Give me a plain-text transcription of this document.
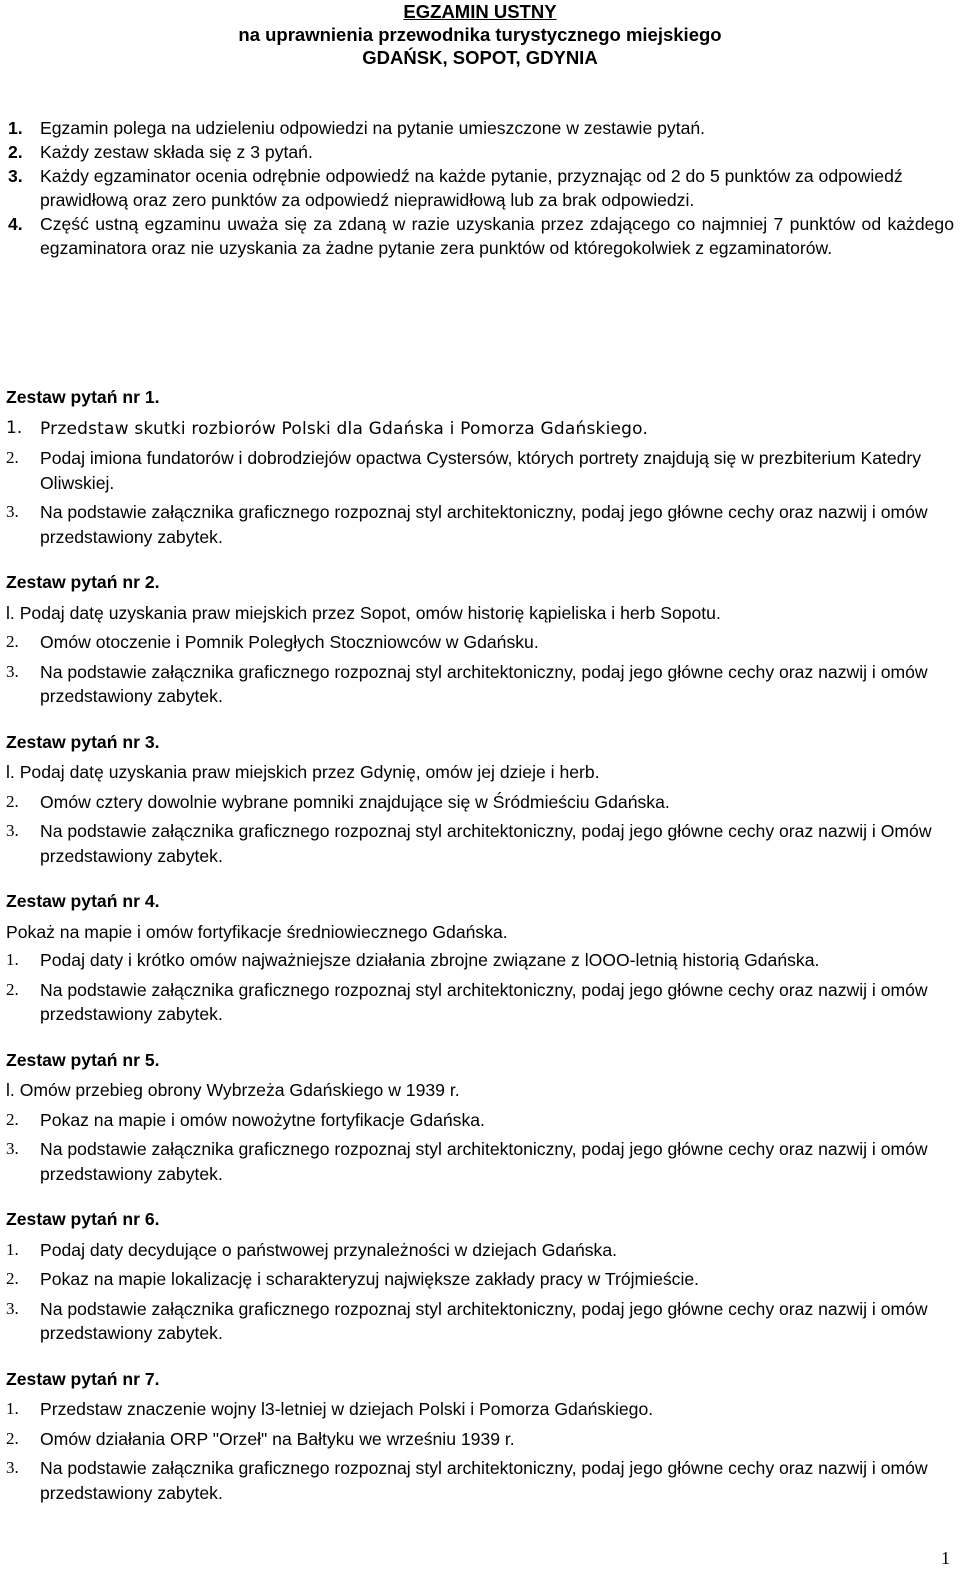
EGZAMIN USTNY
na uprawnienia przewodnika turystycznego miejskiego
GDAŃSK, SOPOT, GDYNIA
1. Egzamin polega na udzieleniu odpowiedzi na pytanie umieszczone w zestawie pytań.
2. Każdy zestaw składa się z 3 pytań.
3. Każdy egzaminator ocenia odrębnie odpowiedź na każde pytanie, przyznając od 2 do 5 punktów za odpowiedź prawidłową oraz zero punktów za odpowiedź nieprawidłową lub za brak odpowiedzi.
4. Część ustną egzaminu uważa się za zdaną w razie uzyskania przez zdającego co najmniej 7 punktów od każdego egzaminatora oraz nie uzyskania za żadne pytanie zera punktów od któregokolwiek z egzaminatorów.
Zestaw pytań nr 1.
1. Przedstaw skutki rozbiorów Polski dla Gdańska i Pomorza Gdańskiego.
2. Podaj imiona fundatorów i dobrodziejów opactwa Cystersów, których portrety znajdują się w prezbiterium Katedry Oliwskiej.
3. Na podstawie załącznika graficznego rozpoznaj styl architektoniczny, podaj jego główne cechy oraz nazwij i omów przedstawiony zabytek.
Zestaw pytań nr 2.
l. Podaj datę uzyskania praw miejskich przez Sopot, omów historię kąpieliska i herb Sopotu.
2. Omów otoczenie i Pomnik Poległych Stoczniowców w Gdańsku.
3. Na podstawie załącznika graficznego rozpoznaj styl architektoniczny, podaj jego główne cechy oraz nazwij i omów przedstawiony zabytek.
Zestaw pytań nr 3.
l. Podaj datę uzyskania praw miejskich przez Gdynię, omów jej dzieje i herb.
2. Omów cztery dowolnie wybrane pomniki znajdujące się w Śródmieściu Gdańska.
3. Na podstawie załącznika graficznego rozpoznaj styl architektoniczny, podaj jego główne cechy oraz nazwij i Omów przedstawiony zabytek.
Zestaw pytań nr 4.
Pokaż na mapie i omów fortyfikacje średniowiecznego Gdańska.
1. Podaj daty i krótko omów najważniejsze działania zbrojne związane z lOOO-letnią historią Gdańska.
2. Na podstawie załącznika graficznego rozpoznaj styl architektoniczny, podaj jego główne cechy oraz nazwij i omów przedstawiony zabytek.
Zestaw pytań nr 5.
l. Omów przebieg obrony Wybrzeża Gdańskiego w 1939 r.
2. Pokaz na mapie i omów nowożytne fortyfikacje Gdańska.
3. Na podstawie załącznika graficznego rozpoznaj styl architektoniczny, podaj jego główne cechy oraz nazwij i omów przedstawiony zabytek.
Zestaw pytań nr 6.
1. Podaj daty decydujące o państwowej przynależności w dziejach Gdańska.
2. Pokaz na mapie lokalizację i scharakteryzuj największe zakłady pracy w Trójmieście.
3. Na podstawie załącznika graficznego rozpoznaj styl architektoniczny, podaj jego główne cechy oraz nazwij i omów przedstawiony zabytek.
Zestaw pytań nr 7.
1. Przedstaw znaczenie wojny l3-letniej w dziejach Polski i Pomorza Gdańskiego.
2. Omów działania ORP "Orzeł" na Bałtyku we wrześniu 1939 r.
3. Na podstawie załącznika graficznego rozpoznaj styl architektoniczny, podaj jego główne cechy oraz nazwij i omów przedstawiony zabytek.
1
